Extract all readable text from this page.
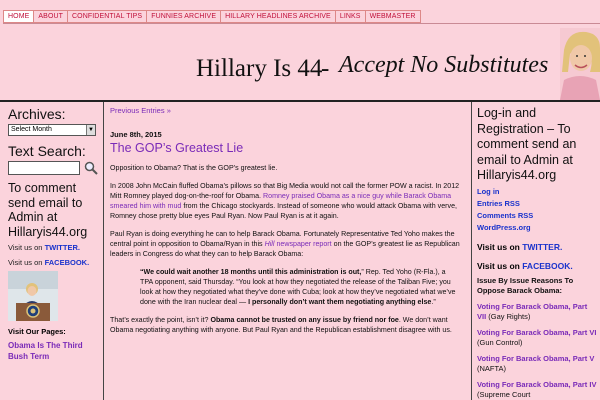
HOME	ABOUT	CONFIDENTIAL TIPS	FUNNIES ARCHIVE	HILLARY HEADLINES ARCHIVE	LINKS	WEBMASTER
Hillary Is 44
- Accept No Substitutes
Archives:
Select Month	▼
Text Search:
To comment send email to Admin at Hillaryis44.org
Visit us on TWITTER.
Visit us on FACEBOOK.
Visit Our Pages:
Obama Is The Third Bush Term
Previous Entries »
June 8th, 2015
The GOP’s Greatest Lie

Opposition to Obama? That is the GOP’s greatest lie.

In 2008 John McCain fluffed Obama’s pillows so that Big Media would not call the former POW a racist. In 2012 Mitt Romney played dog-on-the-roof for Obama. Romney praised Obama as a nice guy while Barack Obama smeared him with mud from the Chicago stockyards. Instead of someone who would attack Obama with verve, Romney chose pretty blue eyes Paul Ryan. Now Paul Ryan is at it again.

Paul Ryan is doing everything he can to help Barack Obama. Fortunately Representative Ted Yoho makes the central point in opposition to Obama/Ryan in this Hill newspaper report on the GOP’s greatest lie as Republican leaders in Congress do what they can to help Barack Obama:

“We could wait another 18 months until this administration is out,” Rep. Ted Yoho (R-Fla.), a TPA opponent, said Thursday. “You look at how they negotiated the release of the Taliban Five; you look at how they negotiated what they’ve done with Cuba; look at how they’ve negotiated what we’ve done with the Iran nuclear deal — I personally don’t want them negotiating anything else.”

That’s exactly the point, isn’t it? Obama cannot be trusted on any issue by friend nor foe. We don’t want Obama negotiating anything with anyone. But Paul Ryan and the Republican establishment disagree with us.

Log-in and Registration – To comment send an email to Admin at Hillaryis44.org
Log in
Entries RSS
Comments RSS
WordPress.org
Visit us on TWITTER.
Visit us on FACEBOOK.
Issue By Issue Reasons To Oppose Barack Obama:
Voting For Barack Obama, Part VII (Gay Rights)
Voting For Barack Obama, Part VI (Gun Control)
Voting For Barack Obama, Part V (NAFTA)
Voting For Barack Obama, Part IV (Supreme Court
